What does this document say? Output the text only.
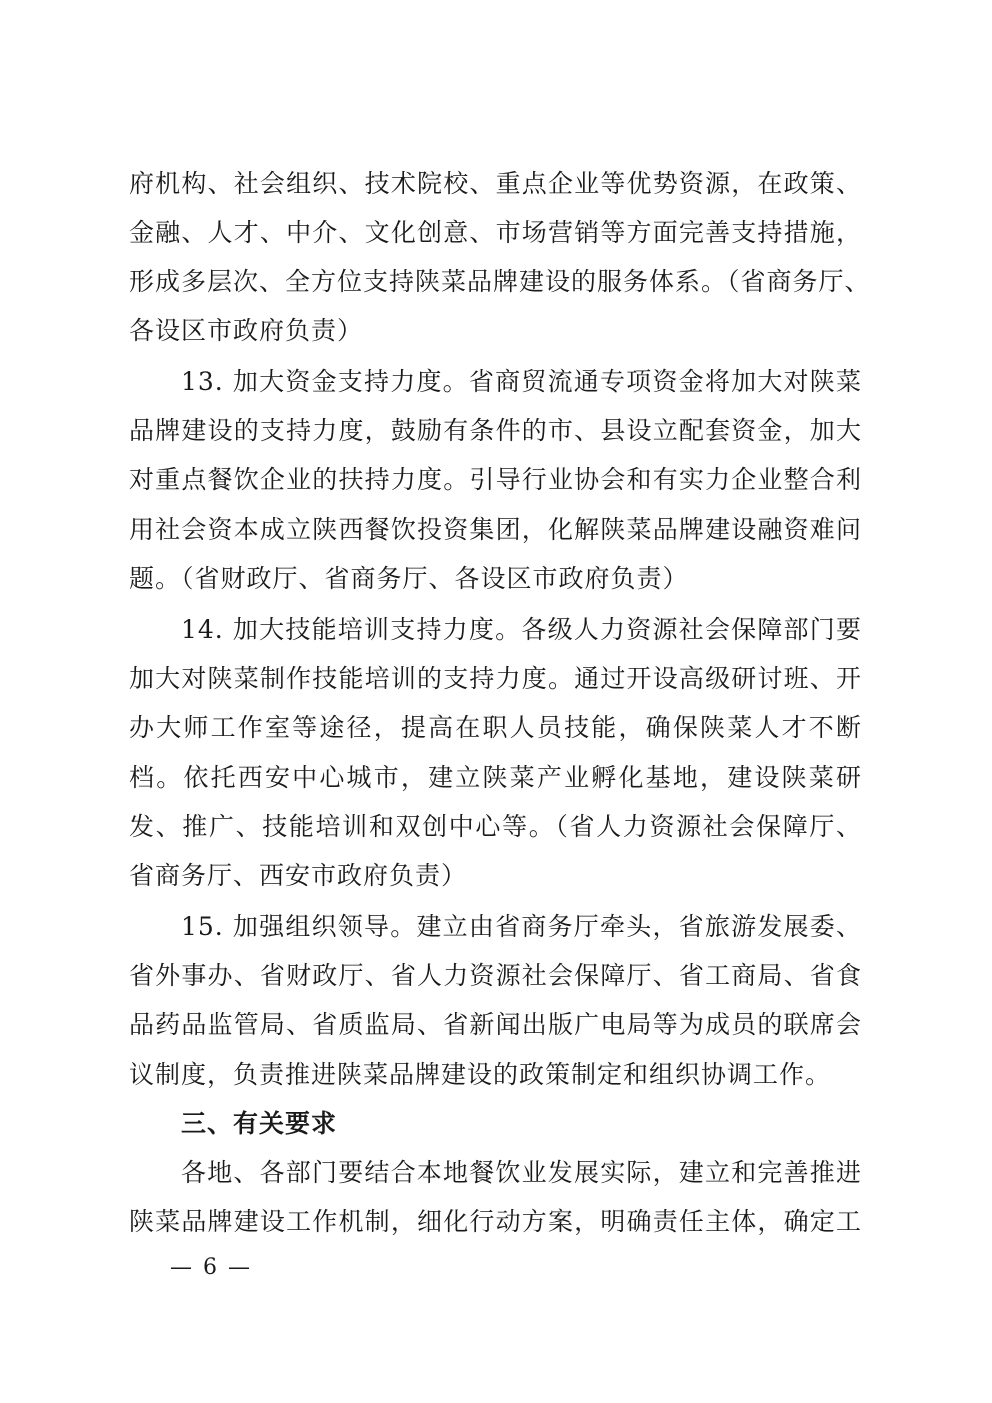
府机构、社会组织、技术院校、重点企业等优势资源，在政策、
金融、人才、中介、文化创意、市场营销等方面完善支持措施，
形成多层次、全方位支持陕菜品牌建设的服务体系。（省商务厅、
各设区市政府负责）
13. 加大资金支持力度。省商贸流通专项资金将加大对陕菜
品牌建设的支持力度，鼓励有条件的市、县设立配套资金，加大
对重点餐饮企业的扶持力度。引导行业协会和有实力企业整合利
用社会资本成立陕西餐饮投资集团，化解陕菜品牌建设融资难问
题。（省财政厅、省商务厅、各设区市政府负责）
14. 加大技能培训支持力度。各级人力资源社会保障部门要
加大对陕菜制作技能培训的支持力度。通过开设高级研讨班、开
办大师工作室等途径，提高在职人员技能，确保陕菜人才不断
档。依托西安中心城市，建立陕菜产业孵化基地，建设陕菜研
发、推广、技能培训和双创中心等。（省人力资源社会保障厅、
省商务厅、西安市政府负责）
15. 加强组织领导。建立由省商务厅牵头，省旅游发展委、
省外事办、省财政厅、省人力资源社会保障厅、省工商局、省食
品药品监管局、省质监局、省新闻出版广电局等为成员的联席会
议制度，负责推进陕菜品牌建设的政策制定和组织协调工作。
三、有关要求
各地、各部门要结合本地餐饮业发展实际，建立和完善推进
陕菜品牌建设工作机制，细化行动方案，明确责任主体，确定工
— 6 —
